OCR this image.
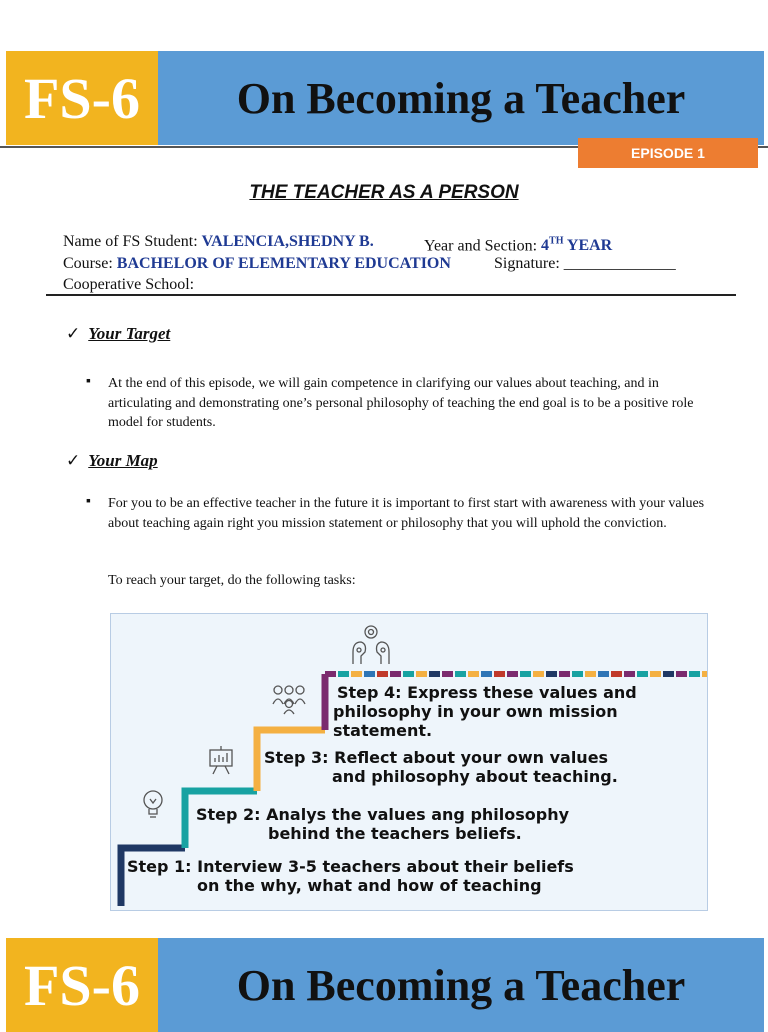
FS-6	On Becoming a Teacher
EPISODE 1
THE TEACHER AS A PERSON
Name of FS Student: VALENCIA,SHEDNY B.	Year and Section: 4TH YEAR
Course: BACHELOR OF ELEMENTARY EDUCATION	Signature: ______________
Cooperative School:
✓ Your Target
▪ At the end of this episode, we will gain competence in clarifying our values about teaching, and in articulating and demonstrating one’s personal philosophy of teaching the end goal is to be a positive role model for students.
✓ Your Map
▪ For you to be an effective teacher in the future it is important to first start with awareness with your values about teaching again right you mission statement or philosophy that you will uphold the conviction.
To reach your target, do the following tasks:
Step 1: Interview 3-5 teachers about their beliefs
on the why, what and how of teaching
Step 2: Analys the values ang philosophy
behind the teachers beliefs.
Step 3: Reflect about your own values
and philosophy about teaching.
Step 4: Express these values and
philosophy in your own mission
statement.
FS-6	On Becoming a Teacher
